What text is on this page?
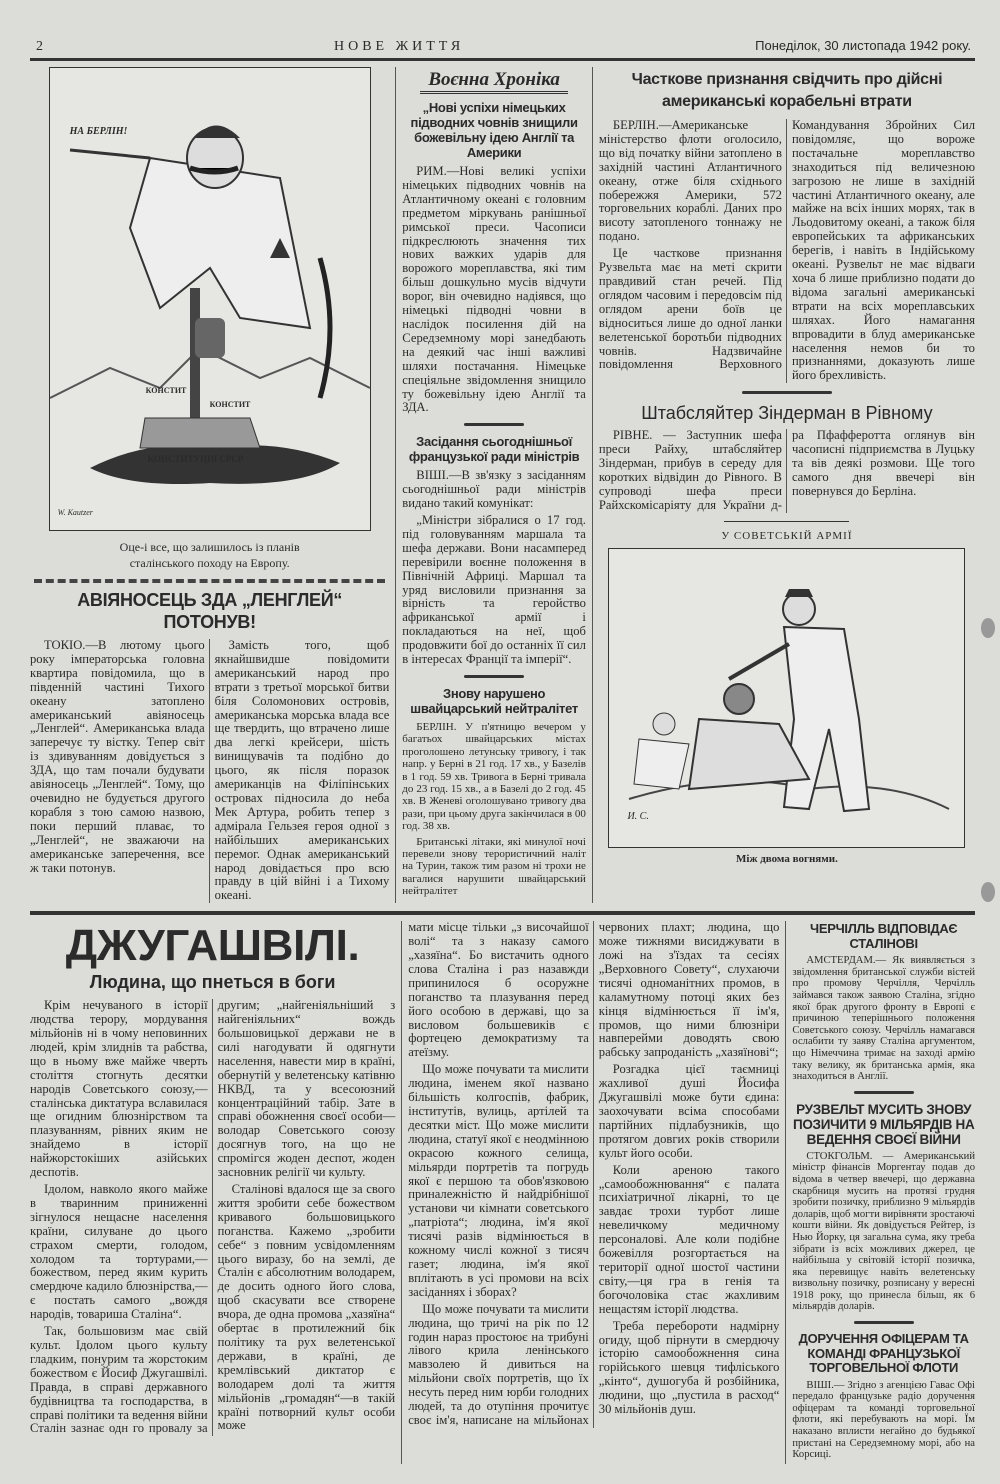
2	НОВЕ ЖИТТЯ	Понеділок, 30 листопада 1942 року.
НА БЕРЛІН!
КОНСТИТ
КОНСТИТ
КОНСТИТУЦІЯ СРСР
W. Kautzer
Оце-і все, що залишилось із планів
сталінського походу на Европу.
АВІЯНОСЕЦЬ ЗДА „ЛЕНГЛЕЙ“ ПОТОНУВ!

ТОКІО.—В лютому цього року імператорська головна квартира повідомила, що в південній частині Тихого океану затоплено американський авіяносець „Ленглей“. Американська влада заперечує ту вістку. Тепер світ із здивуванням довідується з ЗДА, що там почали будувати авіяносець „Ленглей“. Тому, що очевидно не будується другого корабля з тою самою назвою, поки перший плаває, то „Ленглей“, не зважаючи на американське заперечення, все ж таки потонув.

Замість того, щоб якнайшвидше повідомити американський народ про втрати з третьої морської битви біля Соломонових островів, американська морська влада все ще твердить, що втрачено лише два легкі крейсери, шість винищувачів та подібно до цього, як після поразок американців на Філіпінських островах підносила до неба Мек Артура, робить тепер з адмірала Гельзея героя одної з найбільших американських перемог. Однак американський народ довідається про всю правду в цій війні і а Тихому океані.

Воєнна Хроніка
„Нові успіхи німецьких підводних човнів знищили божевільну ідею Англії та Америки

РИМ.—Нові великі успіхи німецьких підводних човнів на Атлантичному океані є головним предметом міркувань ранішньої римської преси. Часописи підкреслюють значення тих нових важких ударів для ворожого мореплавства, які тим більш дошкульно мусів відчути ворог, він очевидно надіявся, що німецькі підводні човни в наслідок посилення дій на Середземному морі занедбають на деякий час інші важливі шляхи постачання. Німецьке спеціяльне звідомлення знищило ту божевільну ідею Англії та ЗДА.

Засідання сьогоднішньої французької ради міністрів

ВІШІ.—В зв'язку з засіданням сьогоднішньої ради міністрів видано такий комунікат:

„Міністри зібралися о 17 год. під головуванням маршала та шефа держави. Вони насамперед перевірили воєнне положення в Північній Африці. Маршал та уряд висловили признання за вірність та геройство африканської армії і покладаються на неї, щоб продовжити бої до останніх її сил в інтересах Франції та імперії“.

Знову нарушено швайцарський нейтралітет

БЕРЛІН. У п'ятницю вечером у багатьох швайцарських містах проголошено летунську тривогу, і так напр. у Берні в 21 год. 17 хв., у Базелів в 1 год. 59 хв. Тривога в Берні тривала до 23 год. 15 хв., а в Базелі до 2 год. 45 хв. В Женеві оголошувано тривогу два рази, при цьому друга закінчилася в 00 год. 38 хв.

Британські літаки, які минулої ночі перевели знову терористичний наліт на Турин, також тим разом ні трохи не вагалися нарушити швайцарський нейтралітет

Часткове признання свідчить про дійсні американські корабельні втрати

БЕРЛІН.—Американське міністерство флоти оголосило, що від початку війни затоплено в західній частині Атлантичного океану, отже біля східнього побережжя Америки, 572 торговельних кораблі. Даних про висоту затопленого тоннажу не подано.

Це часткове признання Рузвельта має на меті скрити правдивий стан речей. Під оглядом часовим і передовсім під оглядом арени боїв це відноситься лише до одної ланки велетенської боротьби підводних човнів. Надзвичайне повідомлення Верховного Командування Збройних Сил повідомляє, що вороже постачальне мореплавство знаходиться під величезною загрозою не лише в західній частині Атлантичного океану, але майже на всіх інших морях, так в Льодовитому океані, а також біля европейських та африканських берегів, і навіть в Індійському океані. Рузвельт не має відваги хоча б лише приблизно подати до відома загальні американські втрати на всіх мореплавських шляхах. Його намагання впровадити в блуд американське населення немов би то признаннями, доказують лише його брехливість.

Штабсляйтер Зіндерман в Рівному

РІВНЕ. — Заступник шефа преси Райху, штабсляйтер Зіндерман, прибув в середу для коротких відвідин до Рівного. В супроводі шефа преси Райхскомісаріяту для України д-ра Пфафферотта оглянув він часописні підприємства в Луцьку та вів деякі розмови. Ще того самого дня ввечері він повернувся до Берліна.

У СОВЕТСЬКІЙ АРМІЇ
И. С.
Між двома вогнями.
ДЖУГАШВІЛІ.
Людина, що пнеться в боги

Крім нечуваного в історії людства терору, мордування мільйонів ні в чому неповинних людей, крім злиднів та рабства, що в ньому вже майже чверть століття стогнуть десятки народів Советського союзу,—сталінська диктатура вславилася ще огидним блюзнірством та плазуванням, рівних яким не знайдемо в історії найжорстокіших азійських деспотів.

Ідолом, навколо якого майже в тваринним приниженні зігнулося нещасне населення країни, силуване до цього страхом смерти, голодом, холодом та тортурами,—божеством, перед яким курить смердюче кадило блюзнірства,—є постать самого „вождя народів, товариша Сталіна“.

Так, большовизм має свій культ. Ідолом цього культу гладким, понурим та жорстоким божеством є Йосиф Джугашвілі. Правда, в справі державного будівництва та господарства, в справі політики та ведення війни Сталін зазнає одн го провалу за другим; „найгеніяльніший з найгеніяльних“ вождь большовицької держави не в силі нагодувати й одягнути населення, навести мир в країні, обернутій у велетенську катівню НКВД, та у всесоюзний концентраційний табір. Зате в справі обожнення своєї особи—володар Советського союзу досягнув того, на що не спромігся жоден деспот, жоден засновник релігії чи культу.

Сталінові вдалося ще за свого життя зробити себе божеством кривавого большовицького поганства. Кажемо „зробити себе“ з повним усвідомленням цього виразу, бо на землі, де Сталін є абсолютним володарем, де досить одного його слова, щоб скасувати все створене вчора, де одна промова „хазяїна“ обертає в протилежний бік політику та рух велетенської держави, в країні, де кремлівський диктатор є володарем долі та життя мільйонів „громадян“—в такій країні потворний культ особи може

мати місце тільки „з височайшої волі“ та з наказу самого „хазяїна“. Бо вистачить одного слова Сталіна і раз назавжди припинилося б осоружне поганство та плазування перед його особою в державі, що за висловом большевиків є фортецею демократизму та атеїзму.

Що може почувати та мислити людина, іменем якої названо більшість колгоспів, фабрик, інститутів, вулиць, артілей та десятки міст. Що може мислити людина, статуї якої є неодмінною окрасою кожного селища, мільярди портретів та погрудь якої є першою та обов'язковою приналежністю й найдрібнішої установи чи кімнати советського „патріота“; людина, ім'я якої тисячі разів відмінюється в кожному числі кожної з тисяч газет; людина, ім'я якої вплітають в усі промови на всіх засіданнях і зборах?

Що може почувати та мислити людина, що тричі на рік по 12 годин нараз простоює на трибуні лівого крила ленінського мавзолею й дивиться на мільйони своїх портретів, що їх несуть перед ним юрби голодних людей, та до отупіння прочитує своє ім'я, написане на мільйонах червоних плахт; людина, що може тижнями висиджувати в ложі на з'їздах та сесіях „Верховного Совету“, слухаючи тисячі одноманітних промов, в каламутному потоці яких без кінця відмінюється її ім'я, промов, що ними блюзніри навперейми доводять свою рабську запроданість „хазяїнові“;

Розгадка цієї таємниці жахливої душі Йосифа Джугашвілі може бути єдина: заохочувати всіма способами партійних підлабузників, що протягом довгих років створили культ його особи.

Коли ареною такого „самообожнювання“ є палата психіатричної лікарні, то це завдає трохи турбот лише невеличкому медичному персоналові. Але коли подібне божевілля розгортається на території одної шостої частини світу,—ця гра в генія та богочоловіка стає жахливим нещастям історії людства.

Треба перебороти надмірну огиду, щоб пірнути в смердючу історію самообожнення сина горійського шевця тифліського „кінто“, душогуба й розбійника, людини, що „пустила в расход“ 30 мільйонів душ.

ЧЕРЧІЛЛЬ ВІДПОВІДАЄ СТАЛІНОВІ

АМСТЕРДАМ.— Як виявляється з звідомлення британської служби вістей про промову Черчілля, Черчілль займався також заявою Сталіна, згідно якої брак другого фронту в Европі є причиною теперішнього положення Советського союзу. Черчілль намагався ослабити ту заяву Сталіна аргументом, що Німеччина тримає на заході армію таку велику, як британська армія, яка знаходиться в Англії.

РУЗВЕЛЬТ МУСИТЬ ЗНОВУ ПОЗИЧИТИ 9 МІЛЬЯРДІВ НА ВЕДЕННЯ СВОЄЇ ВІЙНИ

СТОКГОЛЬМ. — Американський міністр фінансів Моргентау подав до відома в четвер ввечері, що державна скарбниця мусить на протязі грудня зробити позичку, приблизно 9 мільярдів доларів, щоб могти вирівняти зростаючі кошти війни. Як довідується Рейтер, із Нью Йорку, ця загальна сума, яку треба зібрати із всіх можливих джерел, це найбільша у світовій історії позичка, яка перевищує навіть велетенську визвольну позичку, розписану у вересні 1918 року, що принесла більш, як 6 мільярдів доларів.

ДОРУЧЕННЯ ОФІЦЕРАМ ТА КОМАНДІ ФРАНЦУЗЬКОЇ ТОРГОВЕЛЬНОЇ ФЛОТИ

ВІШІ.— Згідно з агенцією Гавас Офі передало французьке радіо доручення офіцерам та команді торговельної флоти, які перебувають на морі. Їм наказано вплисти негайно до будьякої пристані на Середземному морі, або на Корсиці.
